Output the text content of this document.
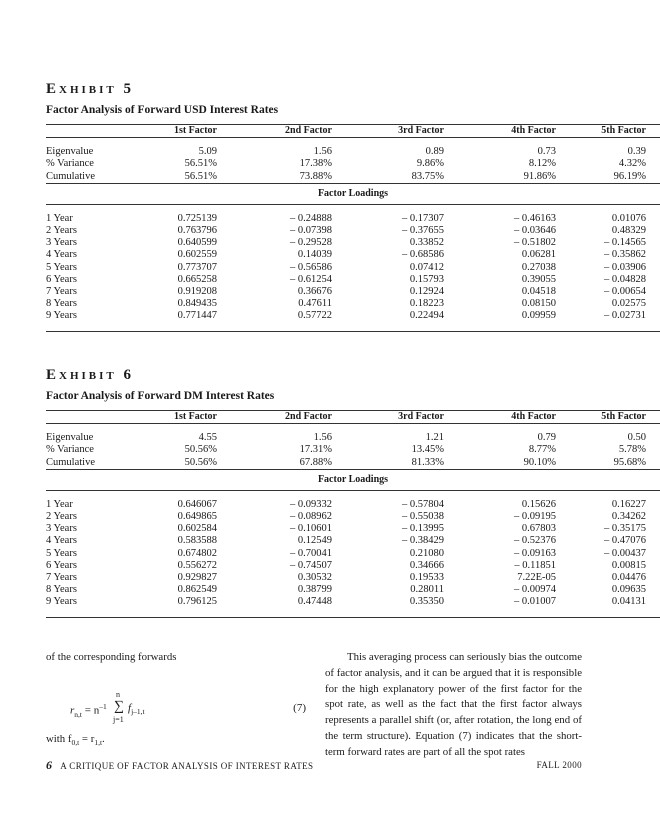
EXHIBIT 5
Factor Analysis of Forward USD Interest Rates
	1st Factor	2nd Factor	3rd Factor	4th Factor	5th Factor

Eigenvalue	5.09	1.56	0.89	0.73	0.39
% Variance	56.51%	17.38%	9.86%	8.12%	4.32%
Cumulative	56.51%	73.88%	83.75%	91.86%	96.19%
Factor Loadings					

1 Year	0.725139	– 0.24888	– 0.17307	– 0.46163	0.01076
2 Years	0.763796	– 0.07398	– 0.37655	– 0.03646	0.48329
3 Years	0.640599	– 0.29528	0.33852	– 0.51802	– 0.14565
4 Years	0.602559	0.14039	– 0.68586	0.06281	– 0.35862
5 Years	0.773707	– 0.56586	0.07412	0.27038	– 0.03906
6 Years	0.665258	– 0.61254	0.15793	0.39055	– 0.04828
7 Years	0.919208	0.36676	0.12924	0.04518	– 0.00654
8 Years	0.849435	0.47611	0.18223	0.08150	0.02575
9 Years	0.771447	0.57722	0.22494	0.09959	– 0.02731

EXHIBIT 6
Factor Analysis of Forward DM Interest Rates
	1st Factor	2nd Factor	3rd Factor	4th Factor	5th Factor

Eigenvalue	4.55	1.56	1.21	0.79	0.50
% Variance	50.56%	17.31%	13.45%	8.77%	5.78%
Cumulative	50.56%	67.88%	81.33%	90.10%	95.68%
Factor Loadings					

1 Year	0.646067	– 0.09332	– 0.57804	0.15626	0.16227
2 Years	0.649865	– 0.08962	– 0.55038	– 0.09195	0.34262
3 Years	0.602584	– 0.10601	– 0.13995	0.67803	– 0.35175
4 Years	0.583588	0.12549	– 0.38429	– 0.52376	– 0.47076
5 Years	0.674802	– 0.70041	0.21080	– 0.09163	– 0.00437
6 Years	0.556272	– 0.74507	0.34666	– 0.11851	0.00815
7 Years	0.929827	0.30532	0.19533	7.22E-05	0.04476
8 Years	0.862549	0.38799	0.28011	– 0.00974	0.09635
9 Years	0.796125	0.47448	0.35350	– 0.01007	0.04131

of the corresponding forwards
$r_{n,t} = n^{-1}$
n
∑
j=1
$f_{j-1,t}$	(7)
with $f_{0,t} = r_{1,t}$.
This averaging process can seriously bias the outcome of factor analysis, and it can be argued that it is responsible for the high explanatory power of the first factor for the spot rate, as well as the fact that the first factor always represents a parallel shift (or, after rotation, the long end of the term structure). Equation (7) indicates that the short-term forward rates are part of all the spot rates
6 A CRITIQUE OF FACTOR ANALYSIS OF INTEREST RATES	FALL 2000
